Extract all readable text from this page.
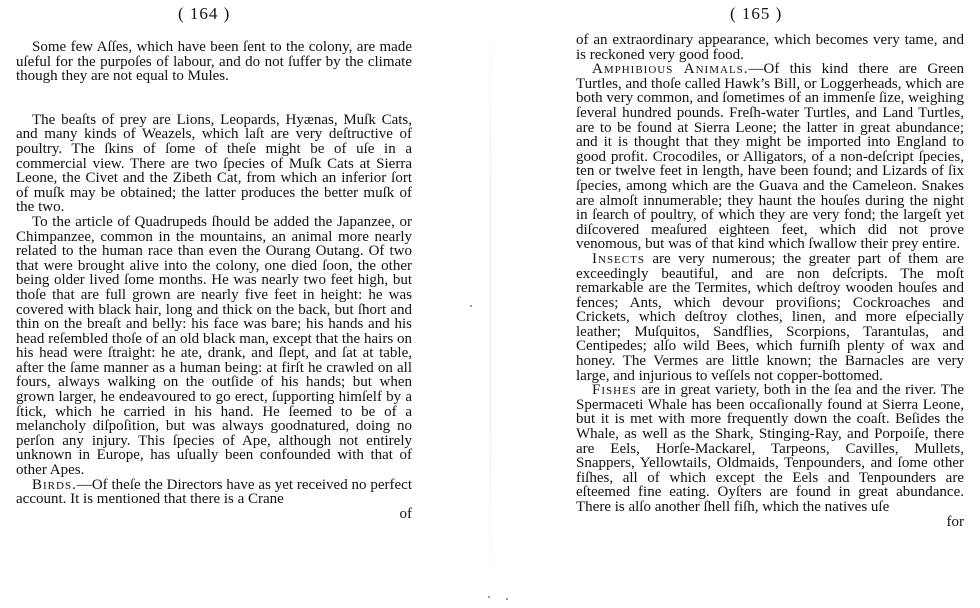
( 164 )

Some few Aſſes, which have been ſent to the colony, are made uſeful for the purpoſes of labour, and do not ſuffer by the climate though they are not equal to Mules.

The beaſts of prey are Lions, Leopards, Hyænas, Muſk Cats, and many kinds of Weazels, which laſt are very deſtructive of poultry. The ſkins of ſome of theſe might be of uſe in a commercial view. There are two ſpecies of Muſk Cats at Sierra Leone, the Civet and the Zibeth Cat, from which an inferior ſort of muſk may be obtained; the latter produces the better muſk of the two.

To the article of Quadrupeds ſhould be added the Japanzee, or Chimpanzee, common in the mountains, an animal more nearly related to the human race than even the Ourang Outang. Of two that were brought alive into the colony, one died ſoon, the other being older lived ſome months. He was nearly two feet high, but thoſe that are full grown are nearly five feet in height: he was covered with black hair, long and thick on the back, but ſhort and thin on the breaſt and belly: his face was bare; his hands and his head reſembled thoſe of an old black man, except that the hairs on his head were ſtraight: he ate, drank, and ſlept, and ſat at table, after the ſame manner as a human being: at firſt he crawled on all fours, always walking on the outſide of his hands; but when grown larger, he endeavoured to go erect, ſupporting himſelf by a ſtick, which he carried in his hand. He ſeemed to be of a melancholy diſpoſition, but was always goodnatured, doing no perſon any injury. This ſpecies of Ape, although not entirely unknown in Europe, has uſually been confounded with that of other Apes.

Birds.—Of theſe the Directors have as yet received no perfect account. It is mentioned that there is a Crane

of
( 165 )

of an extraordinary appearance, which becomes very tame, and is reckoned very good food.

Amphibious Animals.—Of this kind there are Green Turtles, and thoſe called Hawk’s Bill, or Loggerheads, which are both very common, and ſometimes of an immenſe ſize, weighing ſeveral hundred pounds. Freſh-water Turtles, and Land Turtles, are to be found at Sierra Leone; the latter in great abundance; and it is thought that they might be imported into England to good profit. Crocodiles, or Alligators, of a non-deſcript ſpecies, ten or twelve feet in length, have been found; and Lizards of ſix ſpecies, among which are the Guava and the Cameleon. Snakes are almoſt innumerable; they haunt the houſes during the night in ſearch of poultry, of which they are very fond; the largeſt yet diſcovered meaſured eighteen feet, which did not prove venomous, but was of that kind which ſwallow their prey entire.

Insects are very numerous; the greater part of them are exceedingly beautiful, and are non deſcripts. The moſt remarkable are the Termites, which deſtroy wooden houſes and fences; Ants, which devour proviſions; Cockroaches and Crickets, which deſtroy clothes, linen, and more eſpecially leather; Muſquitos, Sandflies, Scorpions, Tarantulas, and Centipedes; alſo wild Bees, which furniſh plenty of wax and honey. The Vermes are little known; the Barnacles are very large, and injurious to veſſels not copper-bottomed.

Fishes are in great variety, both in the ſea and the river. The Spermaceti Whale has been occaſionally found at Sierra Leone, but it is met with more frequently down the coaſt. Beſides the Whale, as well as the Shark, Stinging-Ray, and Porpoiſe, there are Eels, Horſe-Mackarel, Tarpeons, Cavilles, Mullets, Snappers, Yellowtails, Oldmaids, Tenpounders, and ſome other fiſhes, all of which except the Eels and Tenpounders are eſteemed fine eating. Oyſters are found in great abundance. There is alſo another ſhell fiſh, which the natives uſe

for
